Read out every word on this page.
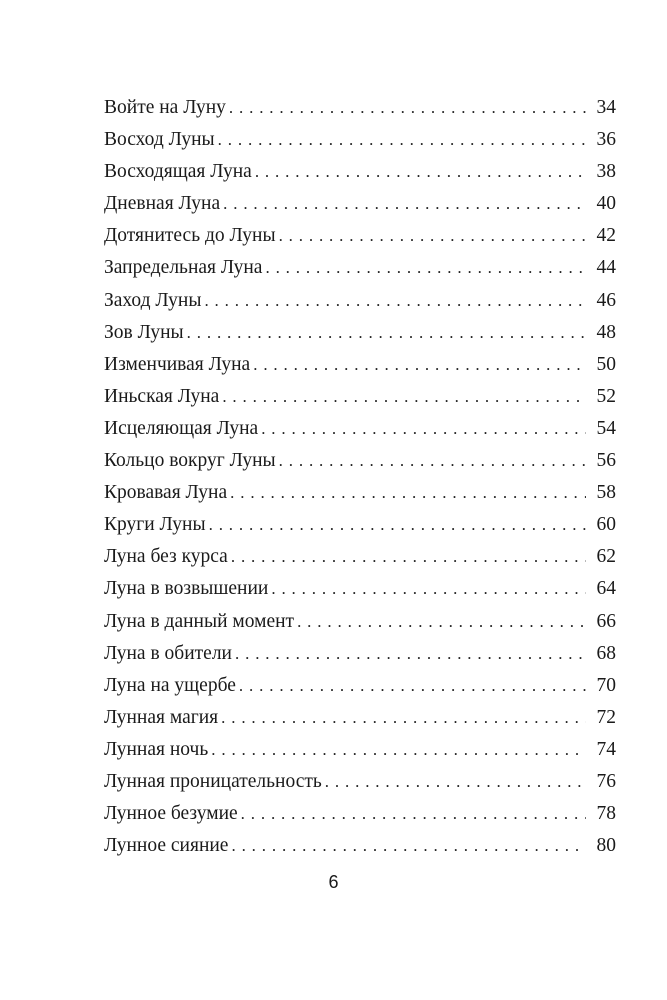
Войте на Луну . . .	34
Восход Луны . . .	36
Восходящая Луна . . .	38
Дневная Луна . . .	40
Дотянитесь до Луны . . .	42
Запредельная Луна . . .	44
Заход Луны . . .	46
Зов Луны . . .	48
Изменчивая Луна . . .	50
Иньская Луна . . .	52
Исцеляющая Луна . . .	54
Кольцо вокруг Луны . . .	56
Кровавая Луна . . .	58
Круги Луны . . .	60
Луна без курса . . .	62
Луна в возвышении . . .	64
Луна в данный момент . . .	66
Луна в обители . . .	68
Луна на ущербе . . .	70
Лунная магия . . .	72
Лунная ночь . . .	74
Лунная проницательность . . .	76
Лунное безумие . . .	78
Лунное сияние . . .	80
6
